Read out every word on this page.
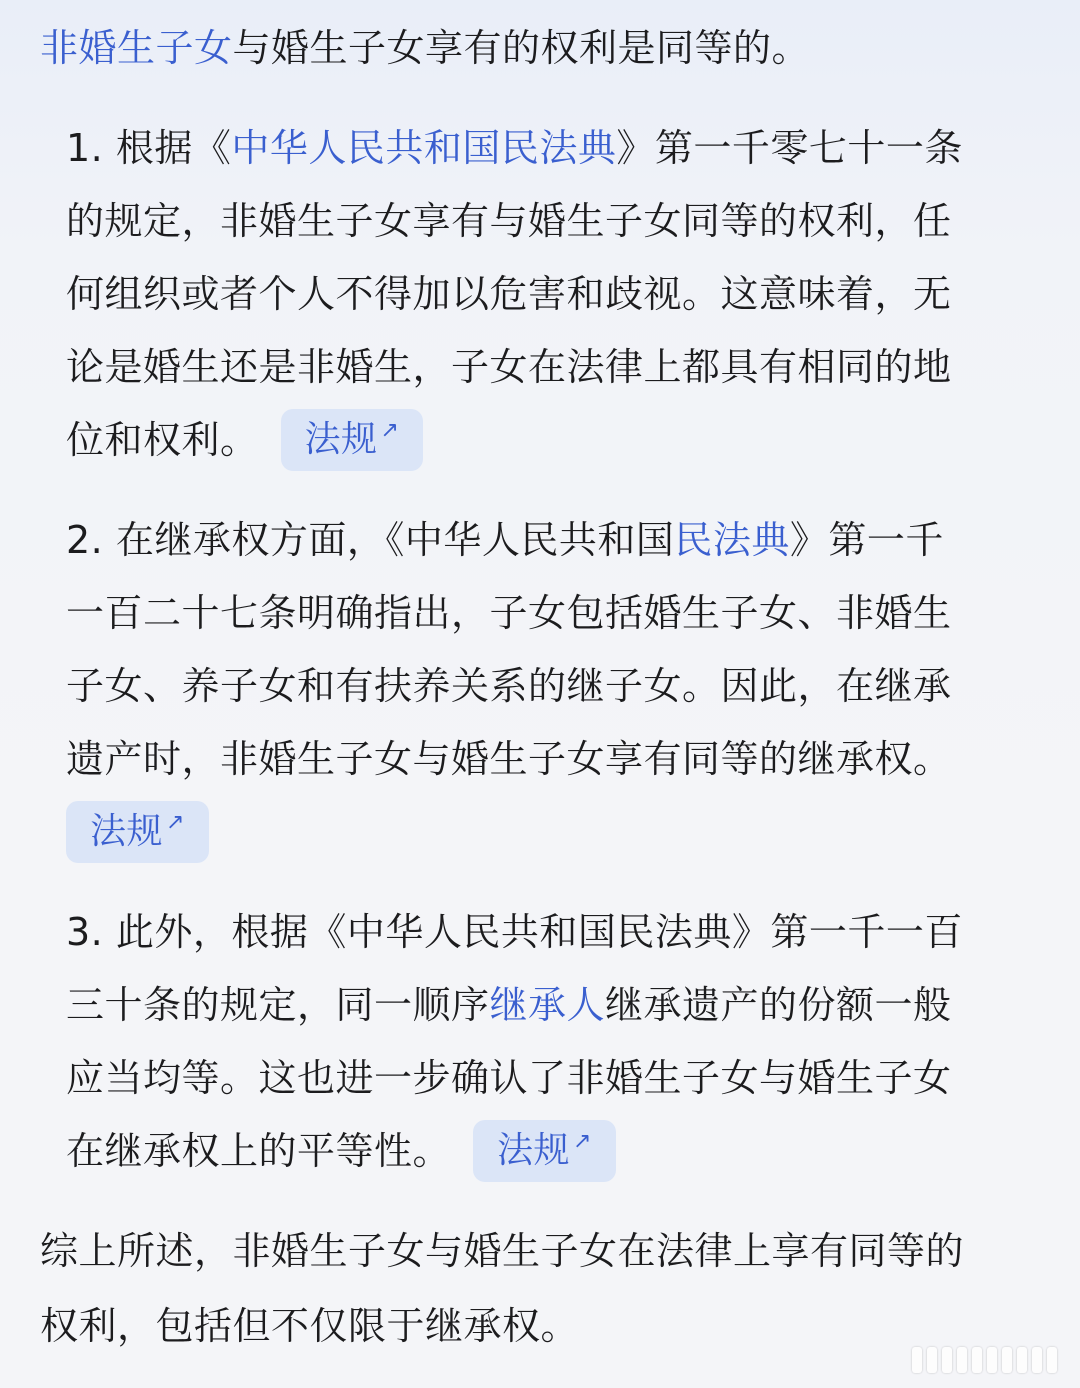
非婚生子女与婚生子女享有的权利是同等的。
1. 根据《中华人民共和国民法典》第一千零七十一条
的规定，非婚生子女享有与婚生子女同等的权利，任
何组织或者个人不得加以危害和歧视。这意味着，无
论是婚生还是非婚生，子女在法律上都具有相同的地
位和权利。 法规 ↗
2. 在继承权方面，《中华人民共和国民法典》第一千
一百二十七条明确指出，子女包括婚生子女、非婚生
子女、养子女和有扶养关系的继子女。因此，在继承
遗产时，非婚生子女与婚生子女享有同等的继承权。
法规 ↗
3. 此外，根据《中华人民共和国民法典》第一千一百
三十条的规定，同一顺序继承人继承遗产的份额一般
应当均等。这也进一步确认了非婚生子女与婚生子女
在继承权上的平等性。 法规 ↗
综上所述，非婚生子女与婚生子女在法律上享有同等的
权利，包括但不仅限于继承权。
